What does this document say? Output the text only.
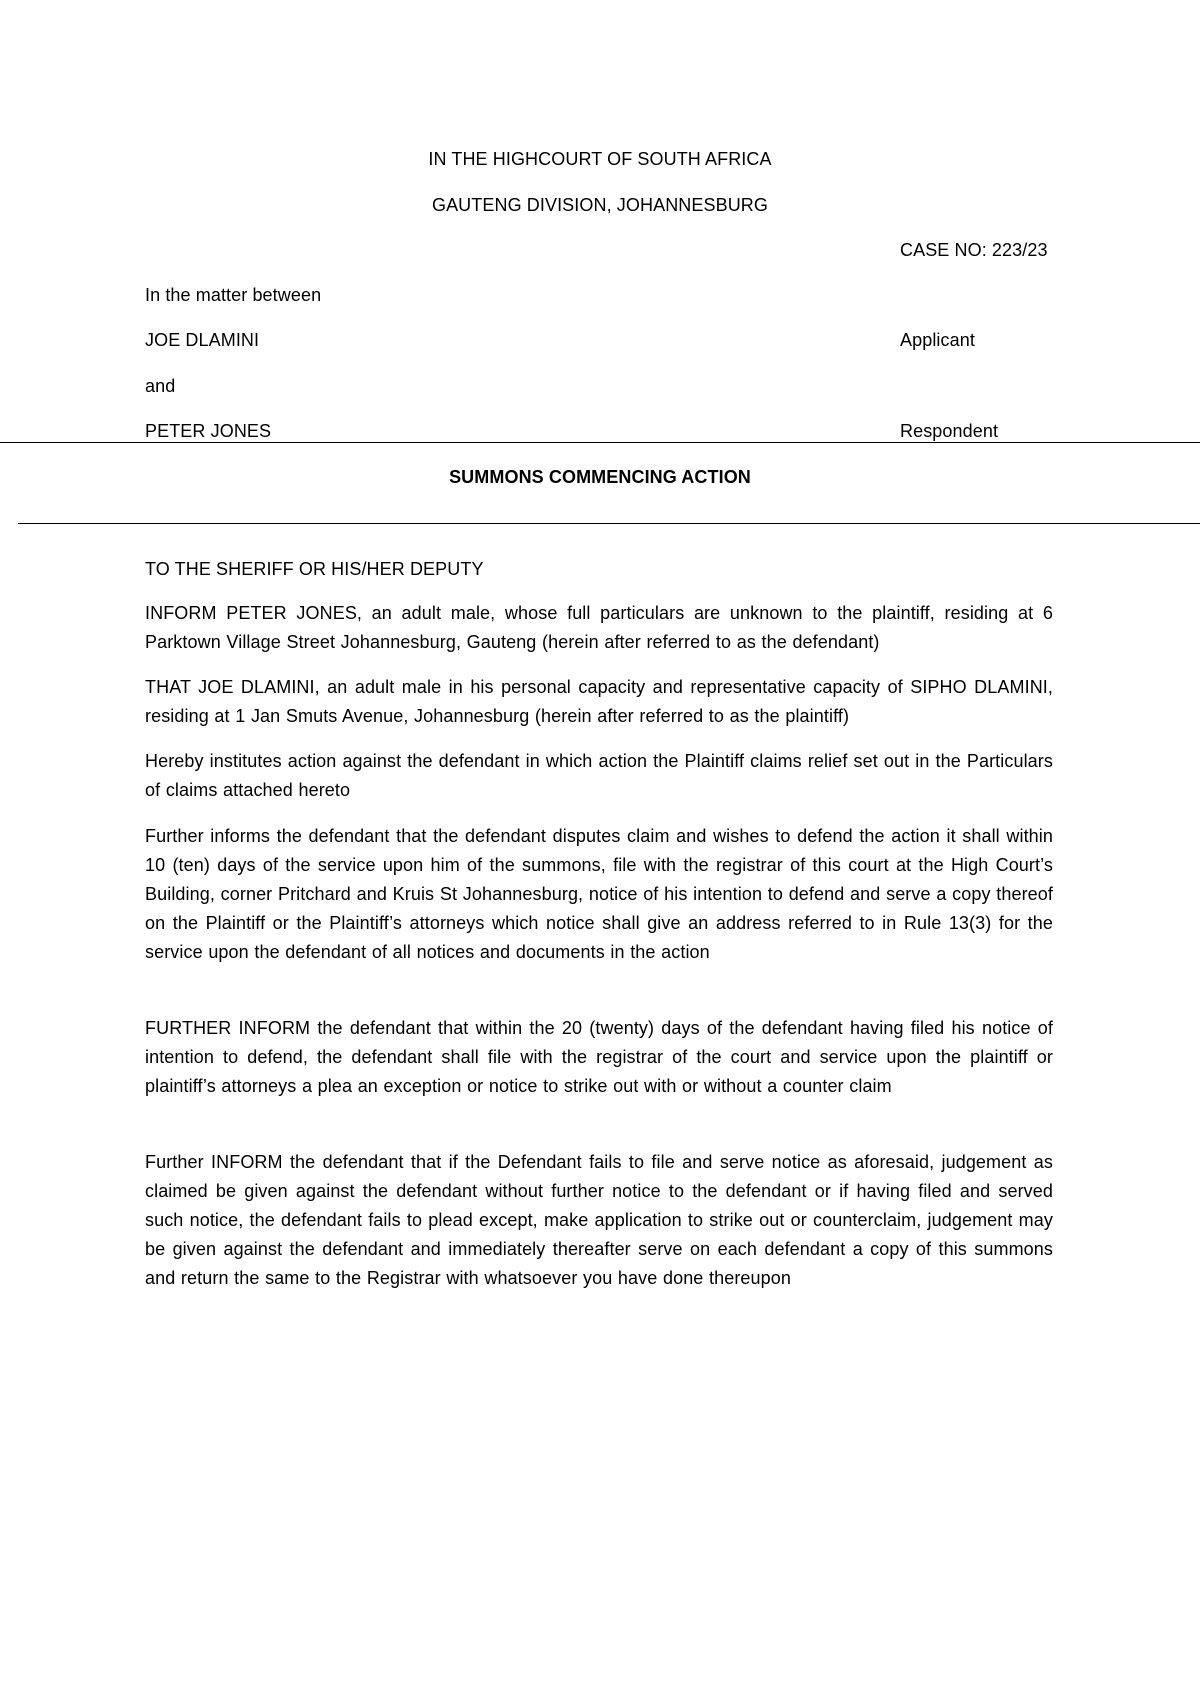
IN THE HIGHCOURT OF SOUTH AFRICA

GAUTENG DIVISION, JOHANNESBURG

CASE NO: 223/23

In the matter between

JOE DLAMINI	Applicant

and

PETER JONES	Respondent

SUMMONS COMMENCING ACTION

TO THE SHERIFF OR HIS/HER DEPUTY

INFORM PETER JONES, an adult male, whose full particulars are unknown to the plaintiff, residing at 6 Parktown Village Street Johannesburg, Gauteng (herein after referred to as the defendant)

THAT JOE DLAMINI, an adult male in his personal capacity and representative capacity of SIPHO DLAMINI, residing at 1 Jan Smuts Avenue, Johannesburg (herein after referred to as the plaintiff)

Hereby institutes action against the defendant in which action the Plaintiff claims relief set out in the Particulars of claims attached hereto

Further informs the defendant that the defendant disputes claim and wishes to defend the action it shall within 10 (ten) days of the service upon him of the summons, file with the registrar of this court at the High Court’s Building, corner Pritchard and Kruis St Johannesburg, notice of his intention to defend and serve a copy thereof on the Plaintiff or the Plaintiff’s attorneys which notice shall give an address referred to in Rule 13(3) for the service upon the defendant of all notices and documents in the action

FURTHER INFORM the defendant that within the 20 (twenty) days of the defendant having filed his notice of intention to defend, the defendant shall file with the registrar of the court and service upon the plaintiff or plaintiff’s attorneys a plea an exception or notice to strike out with or without a counter claim

Further INFORM the defendant that if the Defendant fails to file and serve notice as aforesaid, judgement as claimed be given against the defendant without further notice to the defendant or if having filed and served such notice, the defendant fails to plead except, make application to strike out or counterclaim, judgement may be given against the defendant and immediately thereafter serve on each defendant a copy of this summons and return the same to the Registrar with whatsoever you have done thereupon
